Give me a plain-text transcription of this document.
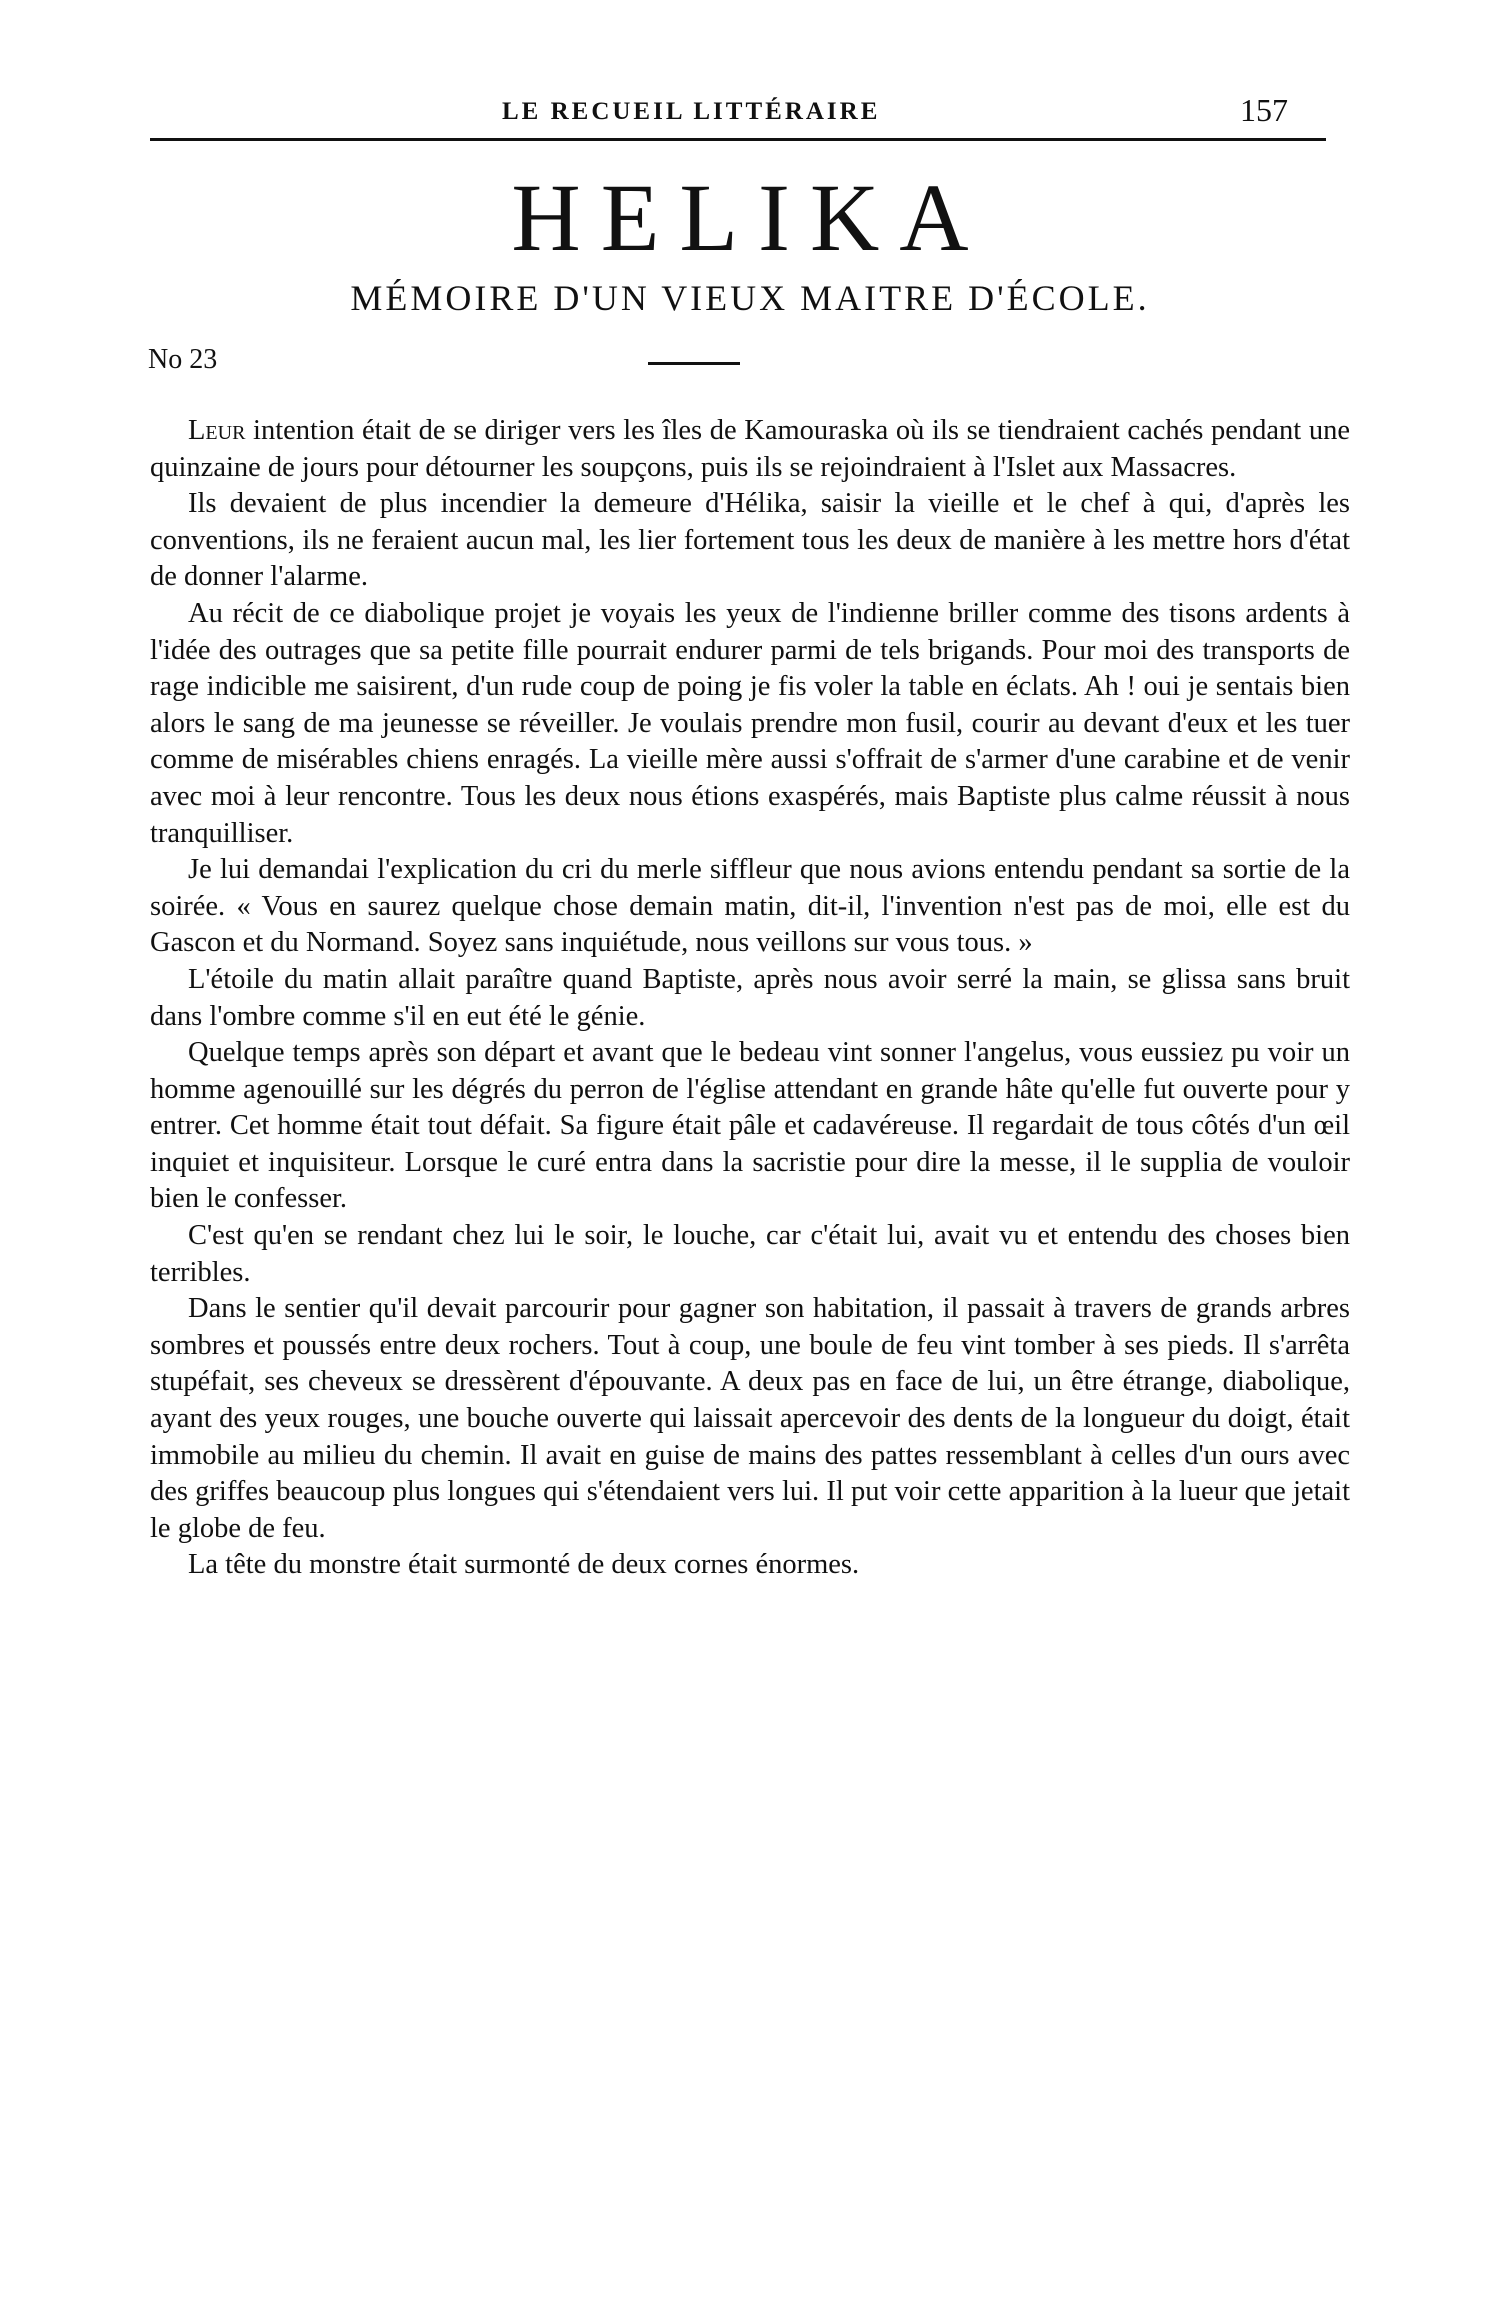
LE RECUEIL LITTÉRAIRE	157
HELIKA
MÉMOIRE D'UN VIEUX MAITRE D'ÉCOLE.
No 23

Leur intention était de se diriger vers les îles de Kamouraska où ils se tiendraient cachés pendant une quinzaine de jours pour détourner les soupçons, puis ils se rejoindraient à l'Islet aux Massacres.

Ils devaient de plus incendier la demeure d'Hélika, saisir la vieille et le chef à qui, d'après les conventions, ils ne feraient aucun mal, les lier fortement tous les deux de manière à les mettre hors d'état de donner l'alarme.

Au récit de ce diabolique projet je voyais les yeux de l'indienne briller comme des tisons ardents à l'idée des outrages que sa petite fille pourrait endurer parmi de tels brigands. Pour moi des transports de rage indicible me saisirent, d'un rude coup de poing je fis voler la table en éclats. Ah ! oui je sentais bien alors le sang de ma jeunesse se réveiller. Je voulais prendre mon fusil, courir au devant d'eux et les tuer comme de misérables chiens enragés. La vieille mère aussi s'offrait de s'armer d'une carabine et de venir avec moi à leur rencontre. Tous les deux nous étions exaspérés, mais Baptiste plus calme réussit à nous tranquilliser.

Je lui demandai l'explication du cri du merle siffleur que nous avions entendu pendant sa sortie de la soirée. « Vous en saurez quelque chose demain matin, dit-il, l'invention n'est pas de moi, elle est du Gascon et du Normand. Soyez sans inquiétude, nous veillons sur vous tous. »

L'étoile du matin allait paraître quand Baptiste, après nous avoir serré la main, se glissa sans bruit dans l'ombre comme s'il en eut été le génie.

Quelque temps après son départ et avant que le bedeau vint sonner l'angelus, vous eussiez pu voir un homme agenouillé sur les dégrés du perron de l'église attendant en grande hâte qu'elle fut ouverte pour y entrer. Cet homme était tout défait. Sa figure était pâle et cadavéreuse. Il regardait de tous côtés d'un œil inquiet et inquisiteur. Lorsque le curé entra dans la sacristie pour dire la messe, il le supplia de vouloir bien le confesser.

C'est qu'en se rendant chez lui le soir, le louche, car c'était lui, avait vu et entendu des choses bien terribles.

Dans le sentier qu'il devait parcourir pour gagner son habitation, il passait à travers de grands arbres sombres et poussés entre deux rochers. Tout à coup, une boule de feu vint tomber à ses pieds. Il s'arrêta stupéfait, ses cheveux se dressèrent d'épouvante. A deux pas en face de lui, un être étrange, diabolique, ayant des yeux rouges, une bouche ouverte qui laissait apercevoir des dents de la longueur du doigt, était immobile au milieu du chemin. Il avait en guise de mains des pattes ressemblant à celles d'un ours avec des griffes beaucoup plus longues qui s'étendaient vers lui. Il put voir cette apparition à la lueur que jetait le globe de feu.

La tête du monstre était surmonté de deux cornes énormes.
